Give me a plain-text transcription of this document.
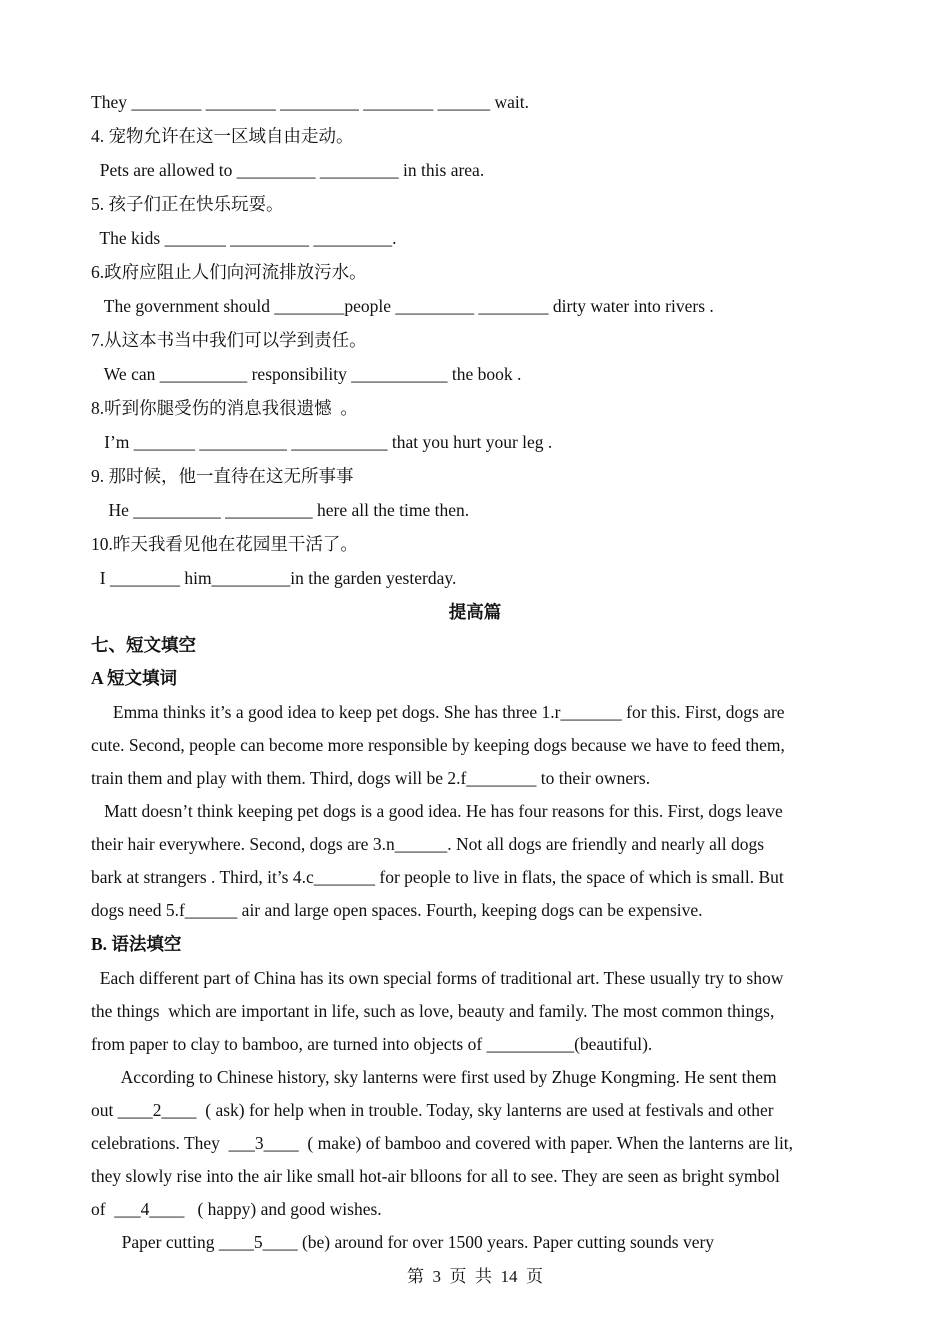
They ________ ________ _________ ________ ______ wait.
4. 宠物允许在这一区域自由走动。
Pets are allowed to _________ _________ in this area.
5. 孩子们正在快乐玩耍。
The kids _______ _________ _________.
6.政府应阻止人们向河流排放污水。
The government should ________people _________ ________ dirty water into rivers .
7.从这本书当中我们可以学到责任。
We can __________ responsibility ___________ the book .
8.听到你腿受伤的消息我很遗憾  。
I’m _______ __________ ___________ that you hurt your leg .
9. 那时候，他一直待在这无所事事
He __________ __________ here all the time then.
10.昨天我看见他在花园里干活了。
I ________ him_________in the garden yesterday.
提高篇
七、短文填空
A 短文填词
Emma thinks it’s a good idea to keep pet dogs. She has three 1.r_______ for this. First, dogs are
cute. Second, people can become more responsible by keeping dogs because we have to feed them,
train them and play with them. Third, dogs will be 2.f________ to their owners.
Matt doesn’t think keeping pet dogs is a good idea. He has four reasons for this. First, dogs leave
their hair everywhere. Second, dogs are 3.n______. Not all dogs are friendly and nearly all dogs
bark at strangers . Third, it’s 4.c_______ for people to live in flats, the space of which is small. But
dogs need 5.f______ air and large open spaces. Fourth, keeping dogs can be expensive.
B. 语法填空
Each different part of China has its own special forms of traditional art. These usually try to show
the things  which are important in life, such as love, beauty and family. The most common things,
from paper to clay to bamboo, are turned into objects of __________(beautiful).
According to Chinese history, sky lanterns were first used by Zhuge Kongming. He sent them
out ____2____  ( ask) for help when in trouble. Today, sky lanterns are used at festivals and other
celebrations. They  ___3____  ( make) of bamboo and covered with paper. When the lanterns are lit,
they slowly rise into the air like small hot-air blloons for all to see. They are seen as bright symbol
of  ___4____   ( happy) and good wishes.
Paper cutting ____5____ (be) around for over 1500 years. Paper cutting sounds very
第  3  页  共  14  页
